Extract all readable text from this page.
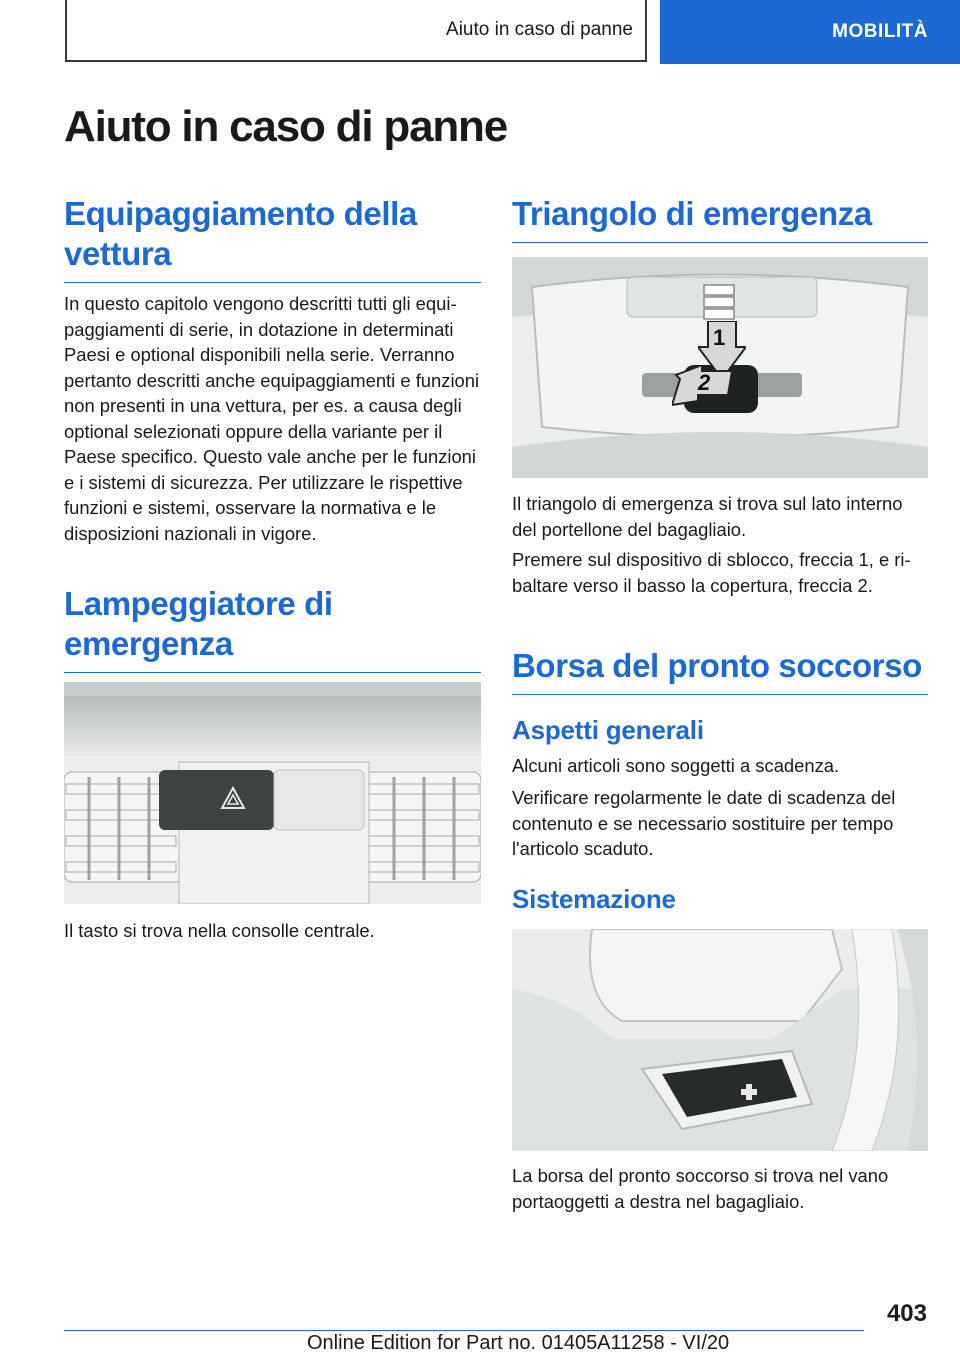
Aiuto in caso di panne	MOBILITÀ
Aiuto in caso di panne
Equipaggiamento della vettura

In questo capitolo vengono descritti tutti gli equipaggiamenti di serie, in dotazione in determinati Paesi e optional disponibili nella serie. Verranno pertanto descritti anche equipaggiamenti e funzioni non presenti in una vettura, per es. a causa degli optional selezionati oppure della variante per il Paese specifico. Questo vale anche per le funzioni e i sistemi di sicurezza. Per utilizzare le rispettive funzioni e sistemi, osservare la normativa e le disposizioni nazionali in vigore.

Lampeggiatore di emergenza

Il tasto si trova nella consolle centrale.

Triangolo di emergenza
1
2

Il triangolo di emergenza si trova sul lato interno del portellone del bagagliaio.

Premere sul dispositivo di sblocco, freccia 1, e ribaltare verso il basso la copertura, freccia 2.

Borsa del pronto soccorso
Aspetti generali

Alcuni articoli sono soggetti a scadenza.

Verificare regolarmente le date di scadenza del contenuto e se necessario sostituire per tempo l'articolo scaduto.

Sistemazione

La borsa del pronto soccorso si trova nel vano portaoggetti a destra nel bagagliaio.

403
Online Edition for Part no. 01405A11258 - VI/20
